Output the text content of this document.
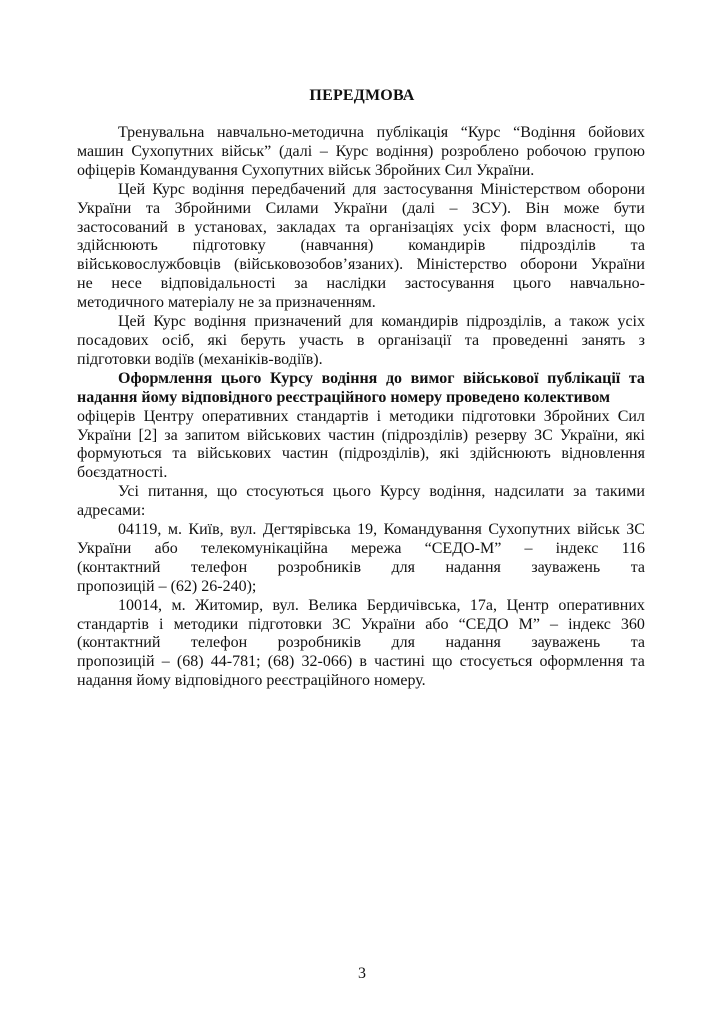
ПЕРЕДМОВА
Тренувальна навчально-методична публікація “Курс “Водіння бойових
машин Сухопутних військ” (далі – Курс водіння) розроблено робочою групою
офіцерів Командування Сухопутних військ Збройних Сил України.
Цей Курс водіння передбачений для застосування Міністерством оборони
України та Збройними Силами України (далі – ЗСУ). Він може бути
застосований в установах, закладах та організаціях усіх форм власності, що
здійснюють підготовку (навчання) командирів підрозділів та
військовослужбовців (військовозобов’язаних). Міністерство оборони України
не несе відповідальності за наслідки застосування цього навчально-
методичного матеріалу не за призначенням.
Цей Курс водіння призначений для командирів підрозділів, а також усіх
посадових осіб, які беруть участь в організації та проведенні занять з
підготовки водіїв (механіків-водіїв).
Оформлення цього Курсу водіння до вимог військової публікації та
надання йому відповідного реєстраційного номеру проведено колективом
офіцерів Центру оперативних стандартів і методики підготовки Збройних Сил
України [2] за запитом військових частин (підрозділів) резерву ЗС України, які
формуються та військових частин (підрозділів), які здійснюють відновлення
боєздатності.
Усі питання, що стосуються цього Курсу водіння, надсилати за такими
адресами:
04119, м. Київ, вул. Дегтярівська 19, Командування Сухопутних військ ЗС
України або телекомунікаційна мережа “СЕДО-М” – індекс 116
(контактний телефон розробників для надання зауважень та
пропозицій – (62) 26-240);
10014, м. Житомир, вул. Велика Бердичівська, 17а, Центр оперативних
стандартів і методики підготовки ЗС України або “СЕДО М” – індекс 360
(контактний телефон розробників для надання зауважень та
пропозицій – (68) 44-781; (68) 32-066) в частині що стосується оформлення та
надання йому відповідного реєстраційного номеру.
3
